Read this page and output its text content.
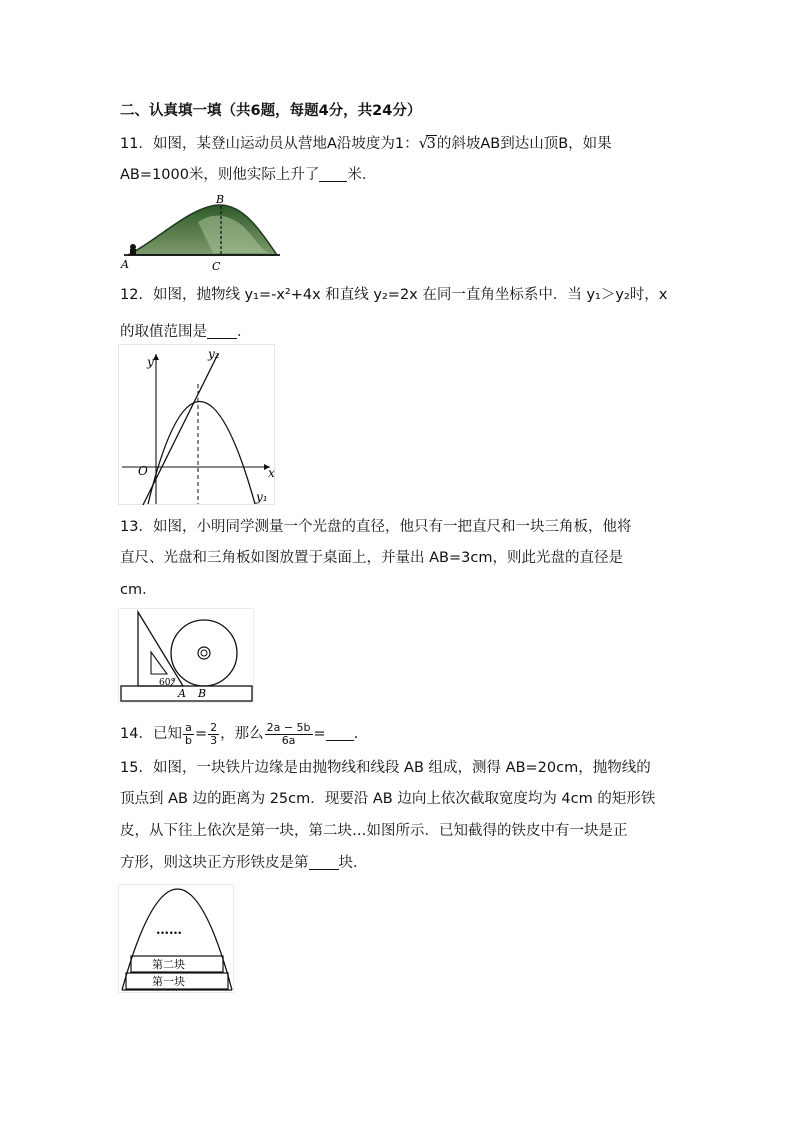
二、认真填一填（共6题，每题4分，共24分）
11．如图，某登山运动员从营地A沿坡度为1： √
3的斜坡AB到达山顶B，如果
AB=1000米，则他实际上升了 米．
A
B
C
12．如图，抛物线 y₁=-x²+4x 和直线 y₂=2x 在同一直角坐标系中．当 y₁＞y₂时，x
的取值范围是 ．
y
x
O
y₂
y₁
13．如图，小明同学测量一个光盘的直径，他只有一把直尺和一块三角板，他将
直尺、光盘和三角板如图放置于桌面上，并量出 AB=3cm，则此光盘的直径是
cm．
60°
A B
14．已知 $\frac{a}{b} = \frac{2}{3}$ ，那么 $\frac{2a - 5b}{6a}$ = ．
15．如图，一块铁片边缘是由抛物线和线段 AB 组成，测得 AB=20cm，抛物线的
顶点到 AB 边的距离为 25cm．现要沿 AB 边向上依次截取宽度均为 4cm 的矩形铁
皮，从下往上依次是第一块，第二块…如图所示．已知截得的铁皮中有一块是正
方形，则这块正方形铁皮是第 块．
……
第二块
第一块
